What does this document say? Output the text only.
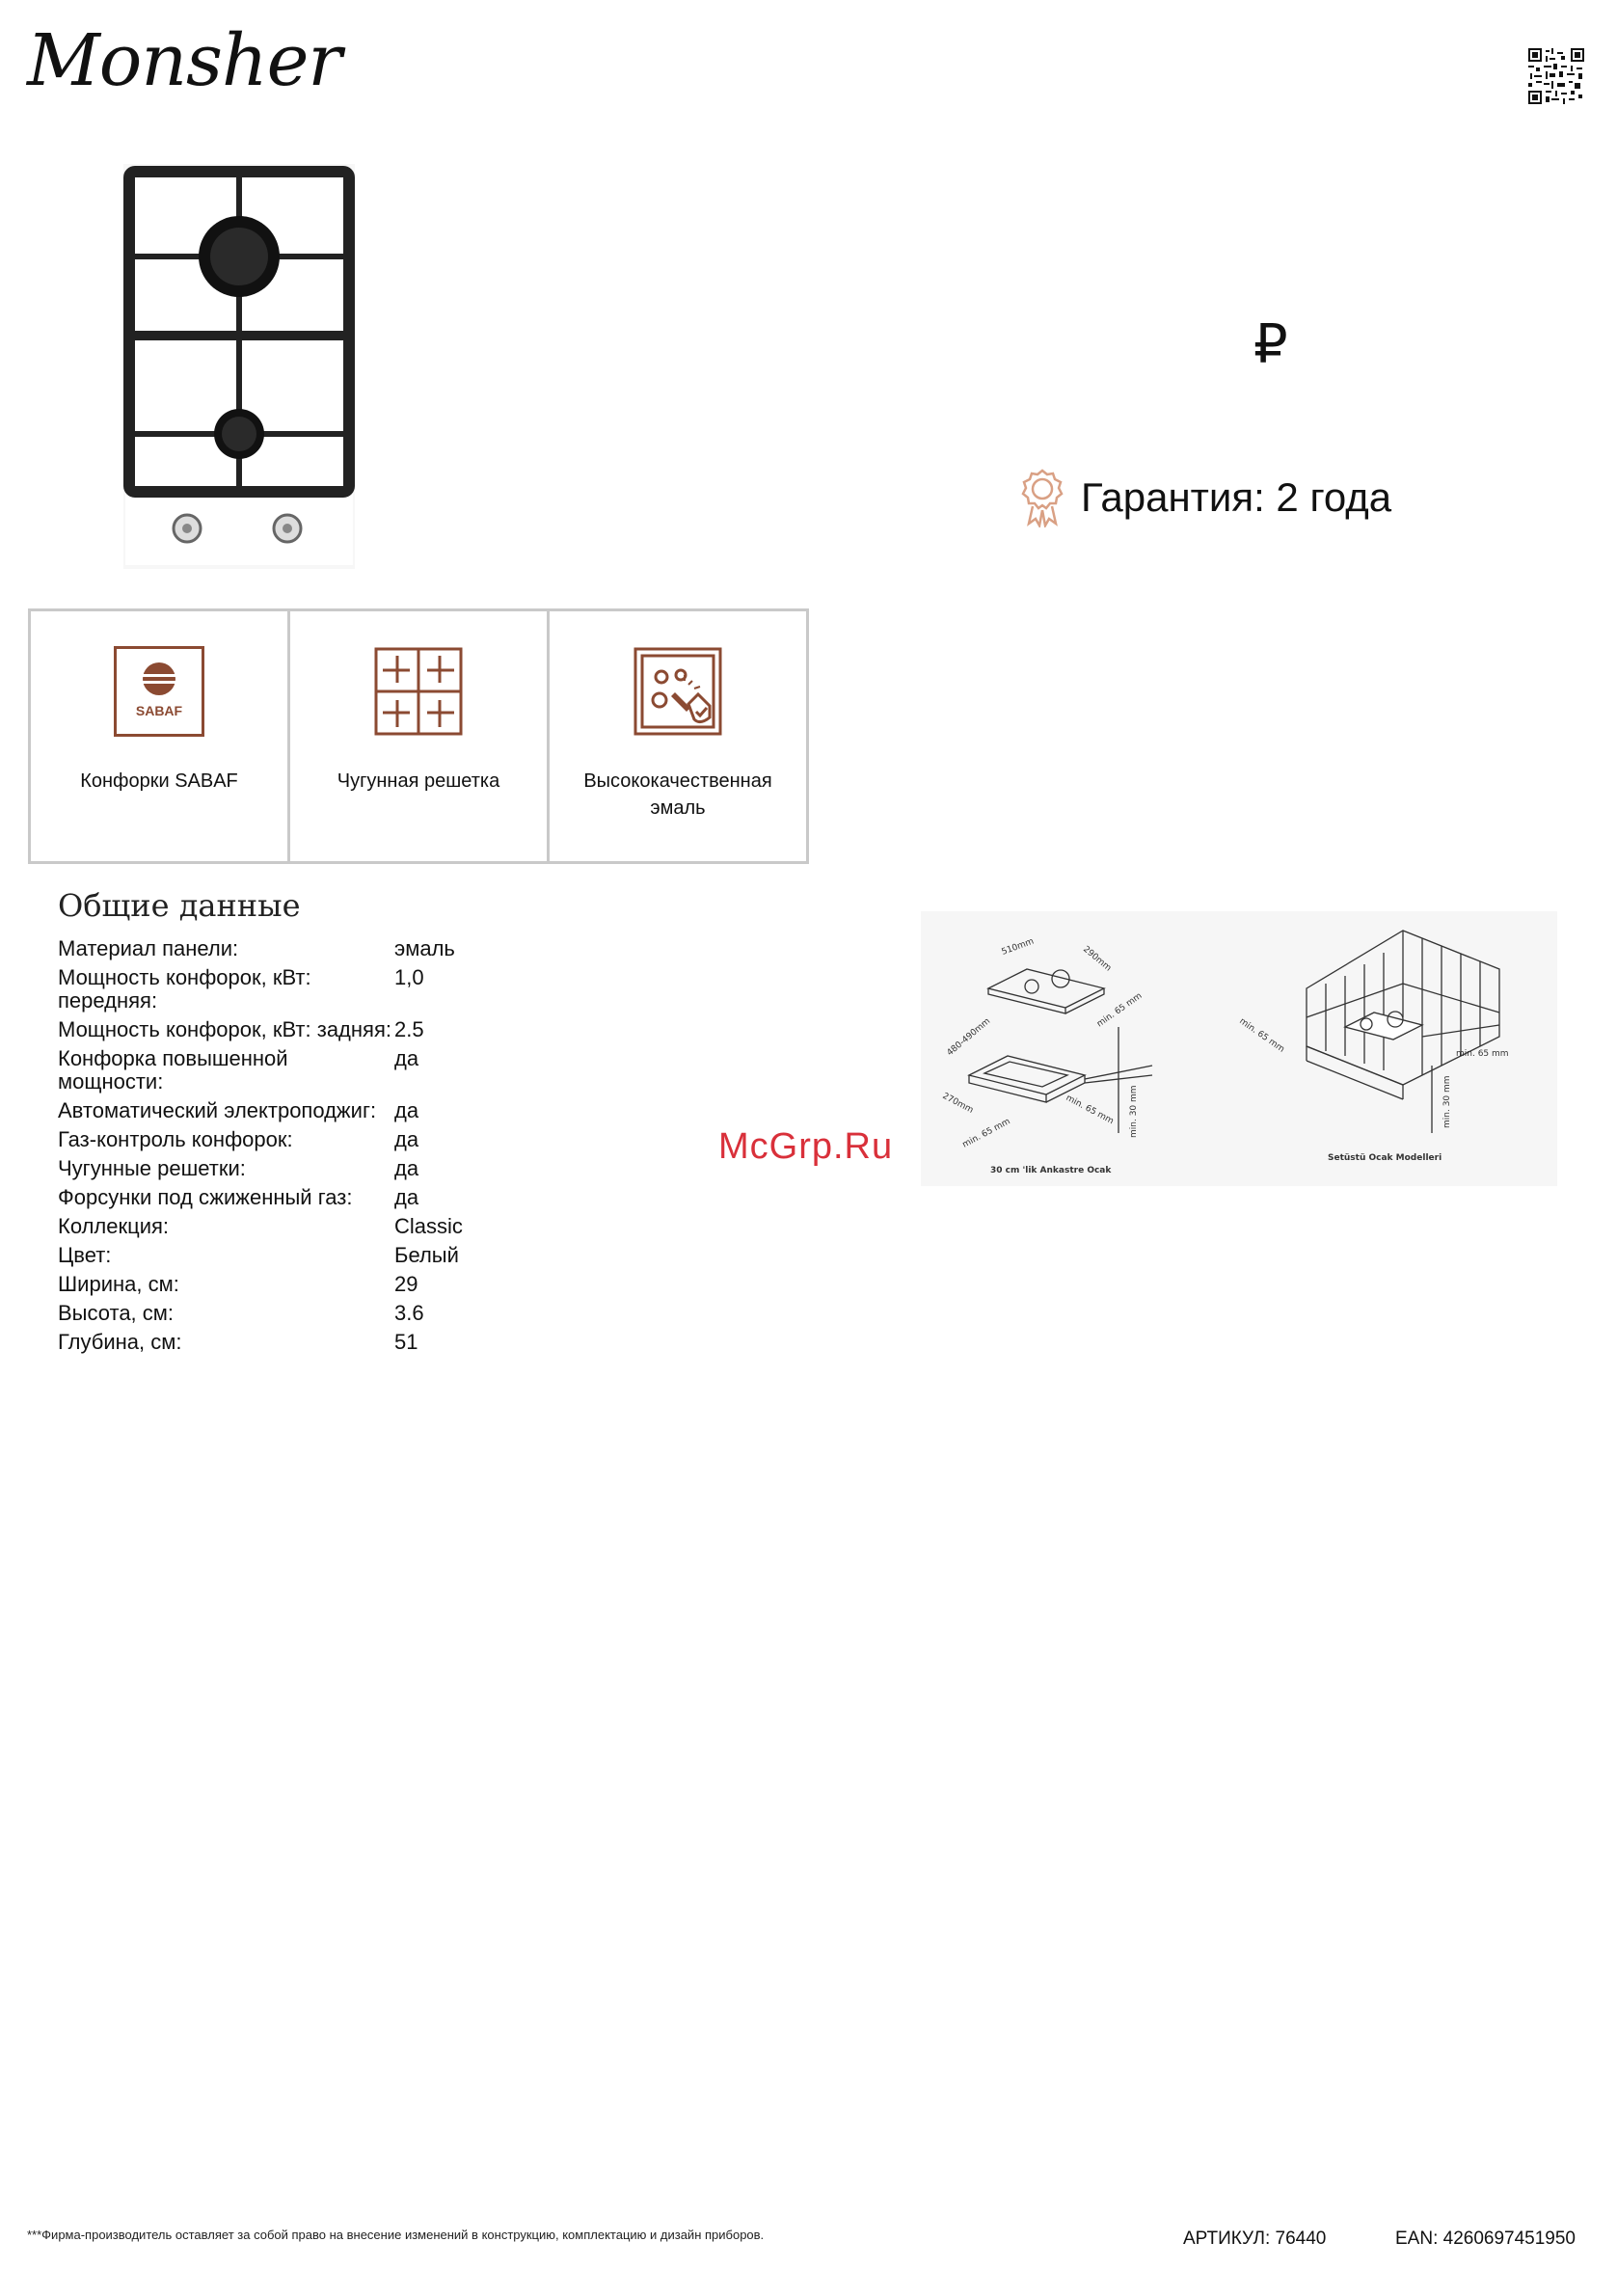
Monsher
₽
Гарантия: 2 года
SABAF
Конфорки SABAF	Чугунная решетка	Высококачественная эмаль
Общие данные
Материал панели:	эмаль
Мощность конфорок, кВт: передняя:	1,0
Мощность конфорок, кВт: задняя:	2.5
Конфорка повышенной мощности:	да
Автоматический электроподжиг:	да
Газ-контроль конфорок:	да
Чугунные решетки:	да
Форсунки под сжиженный газ:	да
Коллекция:	Classic
Цвет:	Белый
Ширина, см:	29
Высота, см:	3.6
Глубина, см:	51
510mm	290mm
480-490mm
270mm
min. 65 mm
min. 65 mm
min. 65 mm	min. 30 mm
30 cm 'lik Ankastre Ocak
min. 65 mm	min. 65 mm
min. 30 mm
Setüstü Ocak Modelleri
McGrp.Ru
***Фирма-производитель оставляет за собой право на внесение изменений в конструкцию, комплектацию и дизайн приборов.	АРТИКУЛ: 76440	EAN: 4260697451950
